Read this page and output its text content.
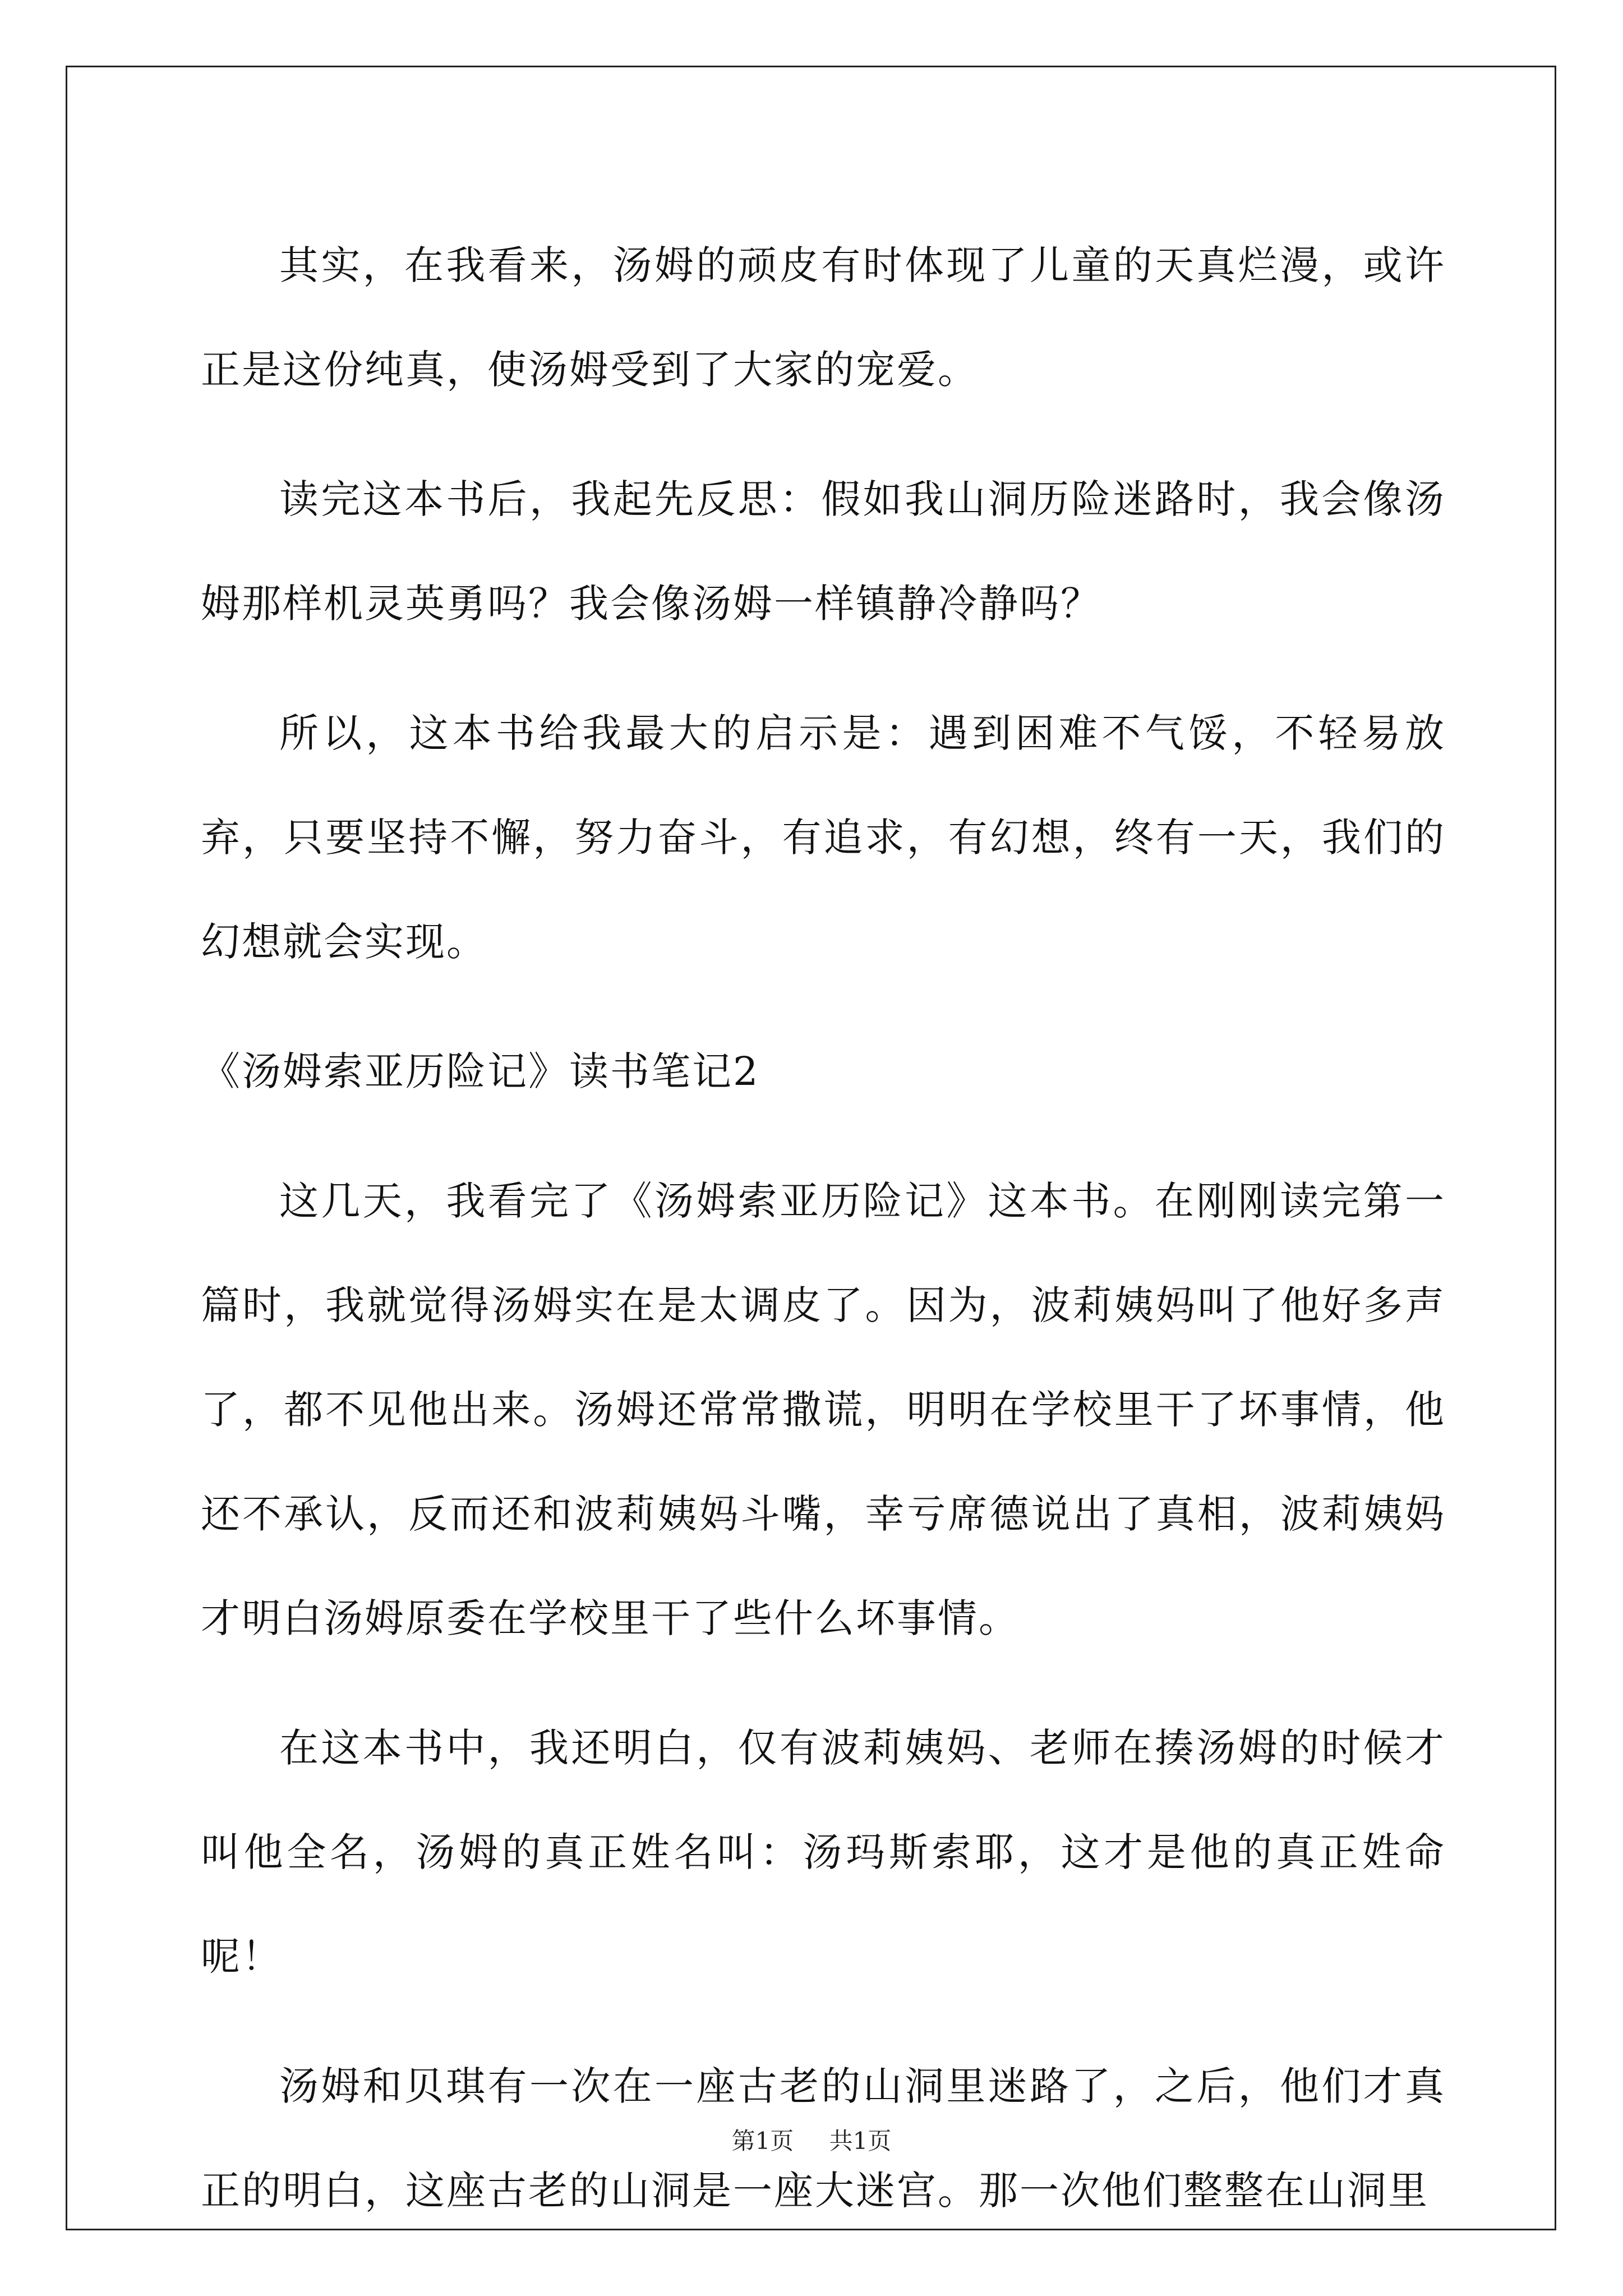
其实，在我看来，汤姆的顽皮有时体现了儿童的天真烂漫，或许正是这份纯真，使汤姆受到了大家的宠爱。

读完这本书后，我起先反思：假如我山洞历险迷路时，我会像汤姆那样机灵英勇吗？我会像汤姆一样镇静冷静吗？

所以，这本书给我最大的启示是：遇到困难不气馁，不轻易放弃，只要坚持不懈，努力奋斗，有追求，有幻想，终有一天，我们的幻想就会实现。

《汤姆索亚历险记》读书笔记2

这几天，我看完了《汤姆索亚历险记》这本书。在刚刚读完第一篇时，我就觉得汤姆实在是太调皮了。因为，波莉姨妈叫了他好多声了，都不见他出来。汤姆还常常撒谎，明明在学校里干了坏事情，他还不承认，反而还和波莉姨妈斗嘴，幸亏席德说出了真相，波莉姨妈才明白汤姆原委在学校里干了些什么坏事情。

在这本书中，我还明白，仅有波莉姨妈、老师在揍汤姆的时候才叫他全名，汤姆的真正姓名叫：汤玛斯索耶，这才是他的真正姓命呢！

汤姆和贝琪有一次在一座古老的山洞里迷路了，之后，他们才真正的明白，这座古老的山洞是一座大迷宫。那一次他们整整在山洞里

第1页 共1页
